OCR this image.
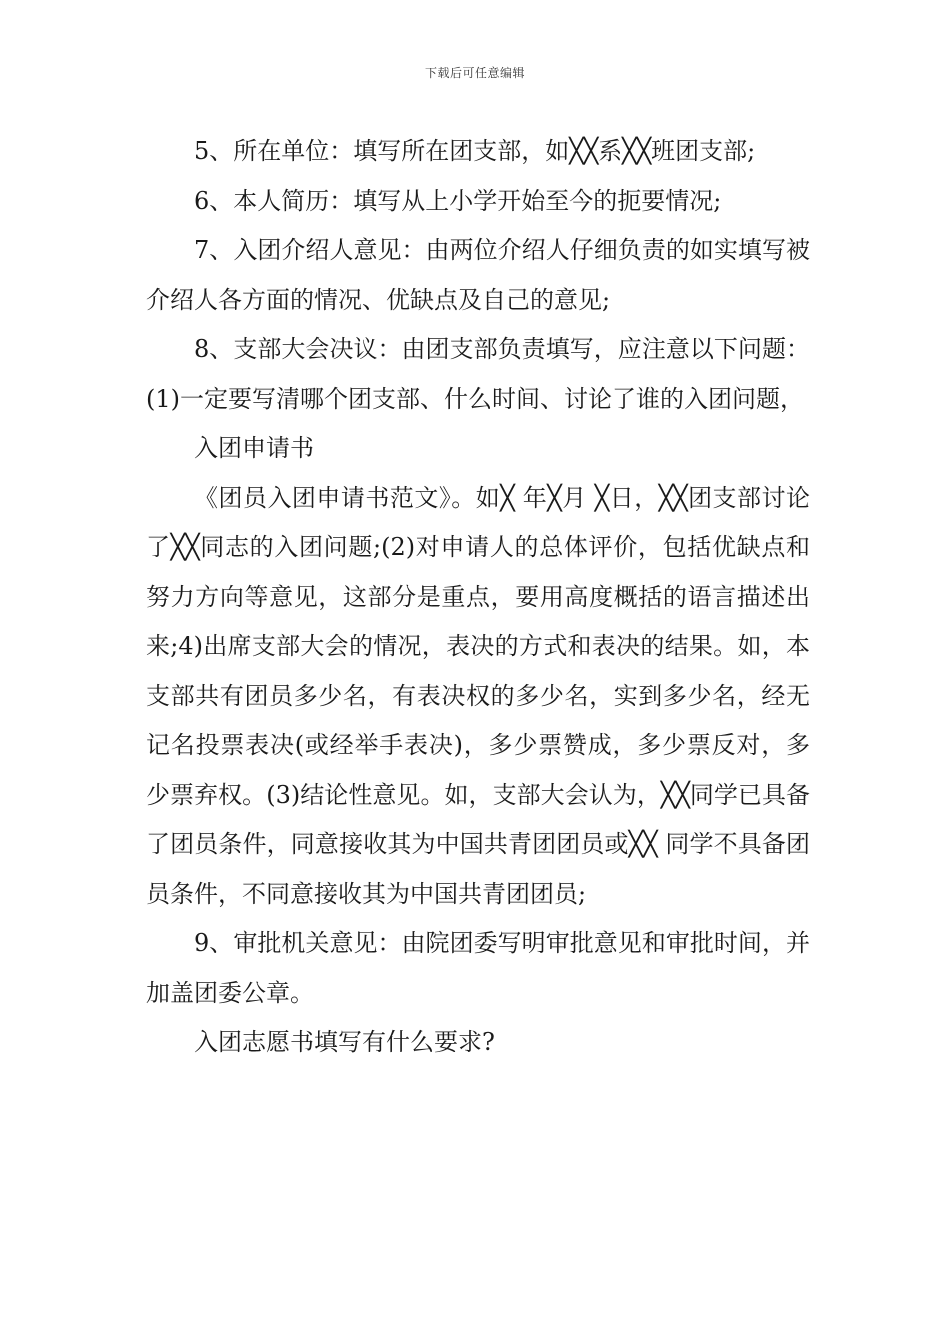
下载后可任意编辑

5、所在单位：填写所在团支部，如╳╳系╳╳班团支部;

6、本人简历：填写从上小学开始至今的扼要情况;

7、入团介绍人意见：由两位介绍人仔细负责的如实填写被介绍人各方面的情况、优缺点及自己的意见;

8、支部大会决议：由团支部负责填写，应注意以下问题：(1)一定要写清哪个团支部、什么时间、讨论了谁的入团问题，

入团申请书

《团员入团申请书范文》。如╳ 年╳月 ╳日，╳╳团支部讨论了╳╳同志的入团问题;(2)对申请人的总体评价，包括优缺点和努力方向等意见，这部分是重点，要用高度概括的语言描述出来;4)出席支部大会的情况，表决的方式和表决的结果。如，本支部共有团员多少名，有表决权的多少名，实到多少名，经无记名投票表决(或经举手表决)，多少票赞成，多少票反对，多少票弃权。(3)结论性意见。如，支部大会认为，╳╳同学已具备了团员条件，同意接收其为中国共青团团员或╳╳ 同学不具备团员条件，不同意接收其为中国共青团团员;

9、审批机关意见：由院团委写明审批意见和审批时间，并加盖团委公章。

入团志愿书填写有什么要求?
